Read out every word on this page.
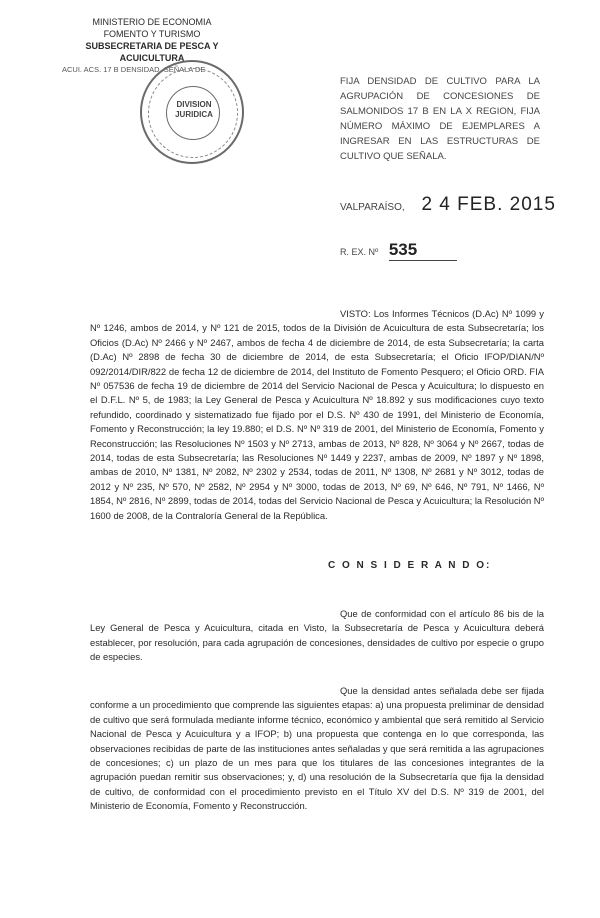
MINISTERIO DE ECONOMIA
FOMENTO Y TURISMO
SUBSECRETARIA DE PESCA Y ACUICULTURA
ACUI. ACS. 17 B DENSIDAD. SEÑALA DE
DIVISION
JURIDICA
FIJA DENSIDAD DE CULTIVO PARA LA AGRUPACIÓN DE CONCESIONES DE SALMONIDOS 17 B EN LA X REGION, FIJA NÚMERO MÁXIMO DE EJEMPLARES A INGRESAR EN LAS ESTRUCTURAS DE CULTIVO QUE SEÑALA.
VALPARAÍSO, 2 4 FEB. 2015
R. EX. Nº 535
VISTO: Los Informes Técnicos (D.Ac) Nº 1099 y Nº 1246, ambos de 2014, y Nº 121 de 2015, todos de la División de Acuicultura de esta Subsecretaría; los Oficios (D.Ac) Nº 2466 y Nº 2467, ambos de fecha 4 de diciembre de 2014, de esta Subsecretaría; la carta (D.Ac) Nº 2898 de fecha 30 de diciembre de 2014, de esta Subsecretaría; el Oficio IFOP/DIAN/Nº 092/2014/DIR/822 de fecha 12 de diciembre de 2014, del Instituto de Fomento Pesquero; el Oficio ORD. FIA Nº 057536 de fecha 19 de diciembre de 2014 del Servicio Nacional de Pesca y Acuicultura; lo dispuesto en el D.F.L. Nº 5, de 1983; la Ley General de Pesca y Acuicultura Nº 18.892 y sus modificaciones cuyo texto refundido, coordinado y sistematizado fue fijado por el D.S. Nº 430 de 1991, del Ministerio de Economía, Fomento y Reconstrucción; la ley 19.880; el D.S. Nº Nº 319 de 2001, del Ministerio de Economía, Fomento y Reconstrucción; las Resoluciones Nº 1503 y Nº 2713, ambas de 2013, Nº 828, Nº 3064 y Nº 2667, todas de 2014, todas de esta Subsecretaría; las Resoluciones Nº 1449 y 2237, ambas de 2009, Nº 1897 y Nº 1898, ambas de 2010, Nº 1381, Nº 2082, Nº 2302 y 2534, todas de 2011, Nº 1308, Nº 2681 y Nº 3012, todas de 2012 y Nº 235, Nº 570, Nº 2582, Nº 2954 y Nº 3000, todas de 2013, Nº 69, Nº 646, Nº 791, Nº 1466, Nº 1854, Nº 2816, Nº 2899, todas de 2014, todas del Servicio Nacional de Pesca y Acuicultura; la Resolución Nº 1600 de 2008, de la Contraloría General de la República.
C O N S I D E R A N D O:
Que de conformidad con el artículo 86 bis de la Ley General de Pesca y Acuicultura, citada en Visto, la Subsecretaría de Pesca y Acuicultura deberá establecer, por resolución, para cada agrupación de concesiones, densidades de cultivo por especie o grupo de especies.
Que la densidad antes señalada debe ser fijada conforme a un procedimiento que comprende las siguientes etapas: a) una propuesta preliminar de densidad de cultivo que será formulada mediante informe técnico, económico y ambiental que será remitido al Servicio Nacional de Pesca y Acuicultura y a IFOP; b) una propuesta que contenga en lo que corresponda, las observaciones recibidas de parte de las instituciones antes señaladas y que será remitida a las agrupaciones de concesiones; c) un plazo de un mes para que los titulares de las concesiones integrantes de la agrupación puedan remitir sus observaciones; y, d) una resolución de la Subsecretaría que fija la densidad de cultivo, de conformidad con el procedimiento previsto en el Título XV del D.S. Nº 319 de 2001, del Ministerio de Economía, Fomento y Reconstrucción.
